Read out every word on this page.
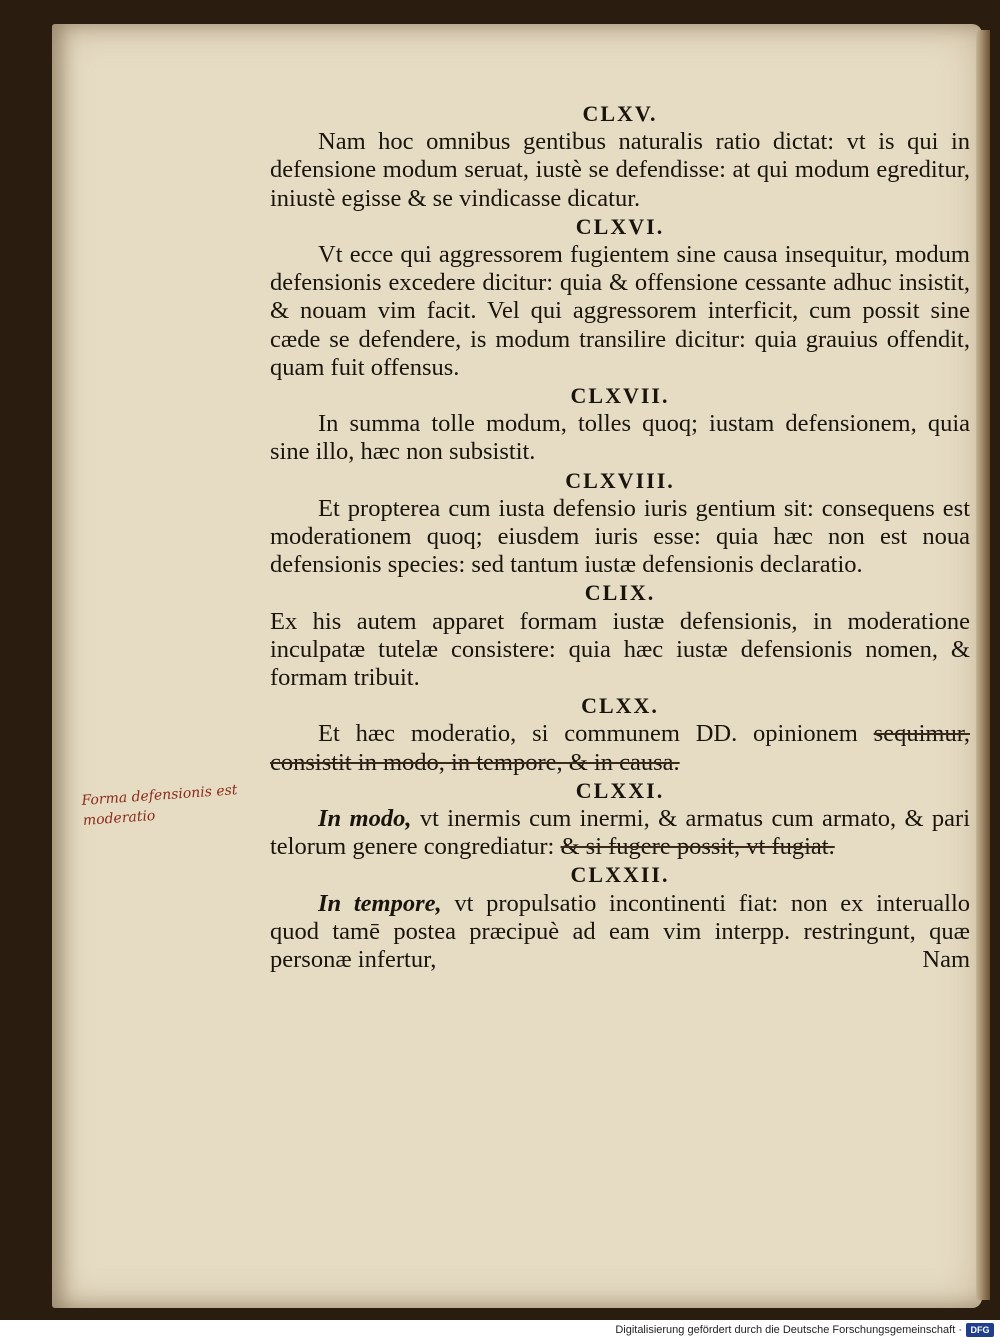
CLXV.

Nam hoc omnibus gentibus naturalis ratio dictat: vt is qui in defensione modum seruat, iustè se defendisse: at qui modum egreditur, iniustè egisse & se vindicasse dicatur.

CLXVI.

Vt ecce qui aggressorem fugientem sine causa insequitur, modum defensionis excedere dicitur: quia & offensione cessante adhuc insistit, & nouam vim facit. Vel qui aggressorem interficit, cum possit sine cæde se defendere, is modum transilire dicitur: quia grauius offendit, quam fuit offensus.

CLXVII.

In summa tolle modum, tolles quoq; iustam defensionem, quia sine illo, hæc non subsistit.

CLXVIII.

Et propterea cum iusta defensio iuris gentium sit: consequens est moderationem quoq; eiusdem iuris esse: quia hæc non est noua defensionis species: sed tantum iustæ defensionis declaratio.

CLIX.

Ex his autem apparet formam iustæ defensionis, in moderatione inculpatæ tutelæ consistere: quia hæc iustæ defensionis nomen, & formam tribuit.

CLXX.

Et hæc moderatio, si communem DD. opinionem sequimur, consistit in modo, in tempore, & in causa.

CLXXI.

In modo, vt inermis cum inermi, & armatus cum armato, & pari telorum genere congrediatur: & si fugere possit, vt fugiat.

CLXXII.

In tempore, vt propulsatio incontinenti fiat: non ex interuallo quod tamē postea præcipuè ad eam vim interpp. restringunt, quæ personæ infertur,	Nam

Forma defensionis est moderatio
Digitalisierung gefördert durch die Deutsche Forschungsgemeinschaft · DFG
